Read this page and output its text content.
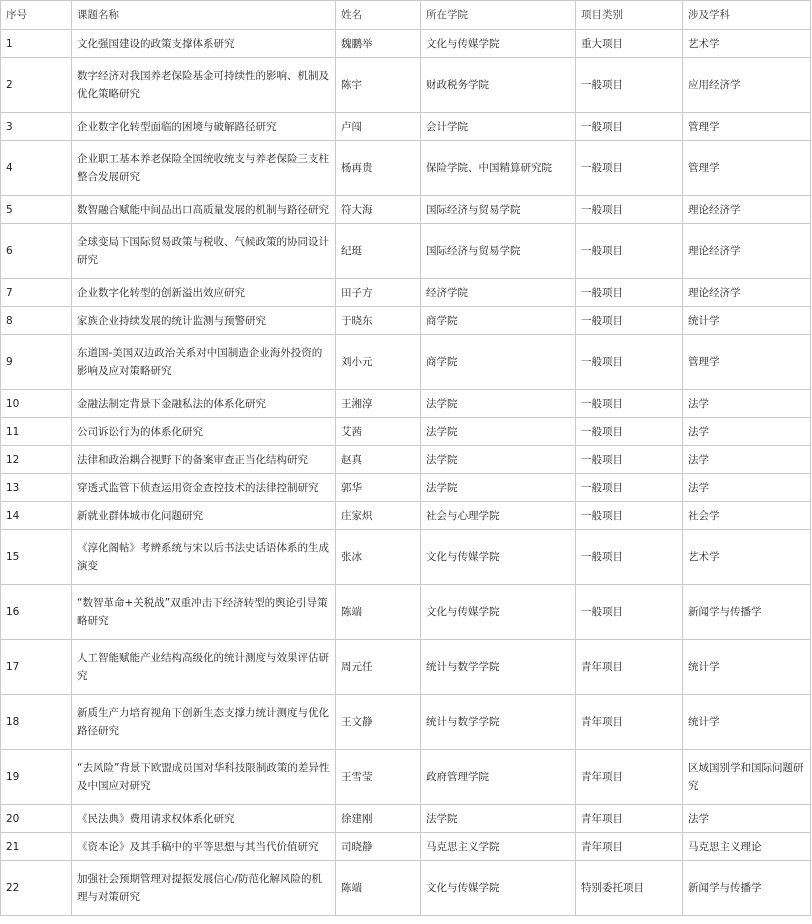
序号	课题名称	姓名	所在学院	项目类别	涉及学科
1	文化强国建设的政策支撑体系研究	魏鹏举	文化与传媒学院	重大项目	艺术学
2	数字经济对我国养老保险基金可持续性的影响、机制及优化策略研究	陈宇	财政税务学院	一般项目	应用经济学
3	企业数字化转型面临的困境与破解路径研究	卢闯	会计学院	一般项目	管理学
4	企业职工基本养老保险全国统收统支与养老保险三支柱整合发展研究	杨再贵	保险学院、中国精算研究院	一般项目	管理学
5	数智融合赋能中间品出口高质量发展的机制与路径研究	符大海	国际经济与贸易学院	一般项目	理论经济学
6	全球变局下国际贸易政策与税收、气候政策的协同设计研究	纪珽	国际经济与贸易学院	一般项目	理论经济学
7	企业数字化转型的创新溢出效应研究	田子方	经济学院	一般项目	理论经济学
8	家族企业持续发展的统计监测与预警研究	于晓东	商学院	一般项目	统计学
9	东道国-美国双边政治关系对中国制造企业海外投资的影响及应对策略研究	刘小元	商学院	一般项目	管理学
10	金融法制定背景下金融私法的体系化研究	王湘淳	法学院	一般项目	法学
11	公司诉讼行为的体系化研究	艾茜	法学院	一般项目	法学
12	法律和政治耦合视野下的备案审查正当化结构研究	赵真	法学院	一般项目	法学
13	穿透式监管下侦查运用资金查控技术的法律控制研究	郭华	法学院	一般项目	法学
14	新就业群体城市化问题研究	庄家炽	社会与心理学院	一般项目	社会学
15	《淳化阁帖》考辨系统与宋以后书法史话语体系的生成演变	张冰	文化与传媒学院	一般项目	艺术学
16	“数智革命+关税战”双重冲击下经济转型的舆论引导策略研究	陈端	文化与传媒学院	一般项目	新闻学与传播学
17	人工智能赋能产业结构高级化的统计测度与效果评估研究	周元任	统计与数学学院	青年项目	统计学
18	新质生产力培育视角下创新生态支撑力统计测度与优化路径研究	王文静	统计与数学学院	青年项目	统计学
19	“去风险”背景下欧盟成员国对华科技限制政策的差异性及中国应对研究	王雪莹	政府管理学院	青年项目	区域国别学和国际问题研究
20	《民法典》费用请求权体系化研究	徐建刚	法学院	青年项目	法学
21	《资本论》及其手稿中的平等思想与其当代价值研究	司晓静	马克思主义学院	青年项目	马克思主义理论
22	加强社会预期管理对提振发展信心/防范化解风险的机理与对策研究	陈端	文化与传媒学院	特别委托项目	新闻学与传播学
